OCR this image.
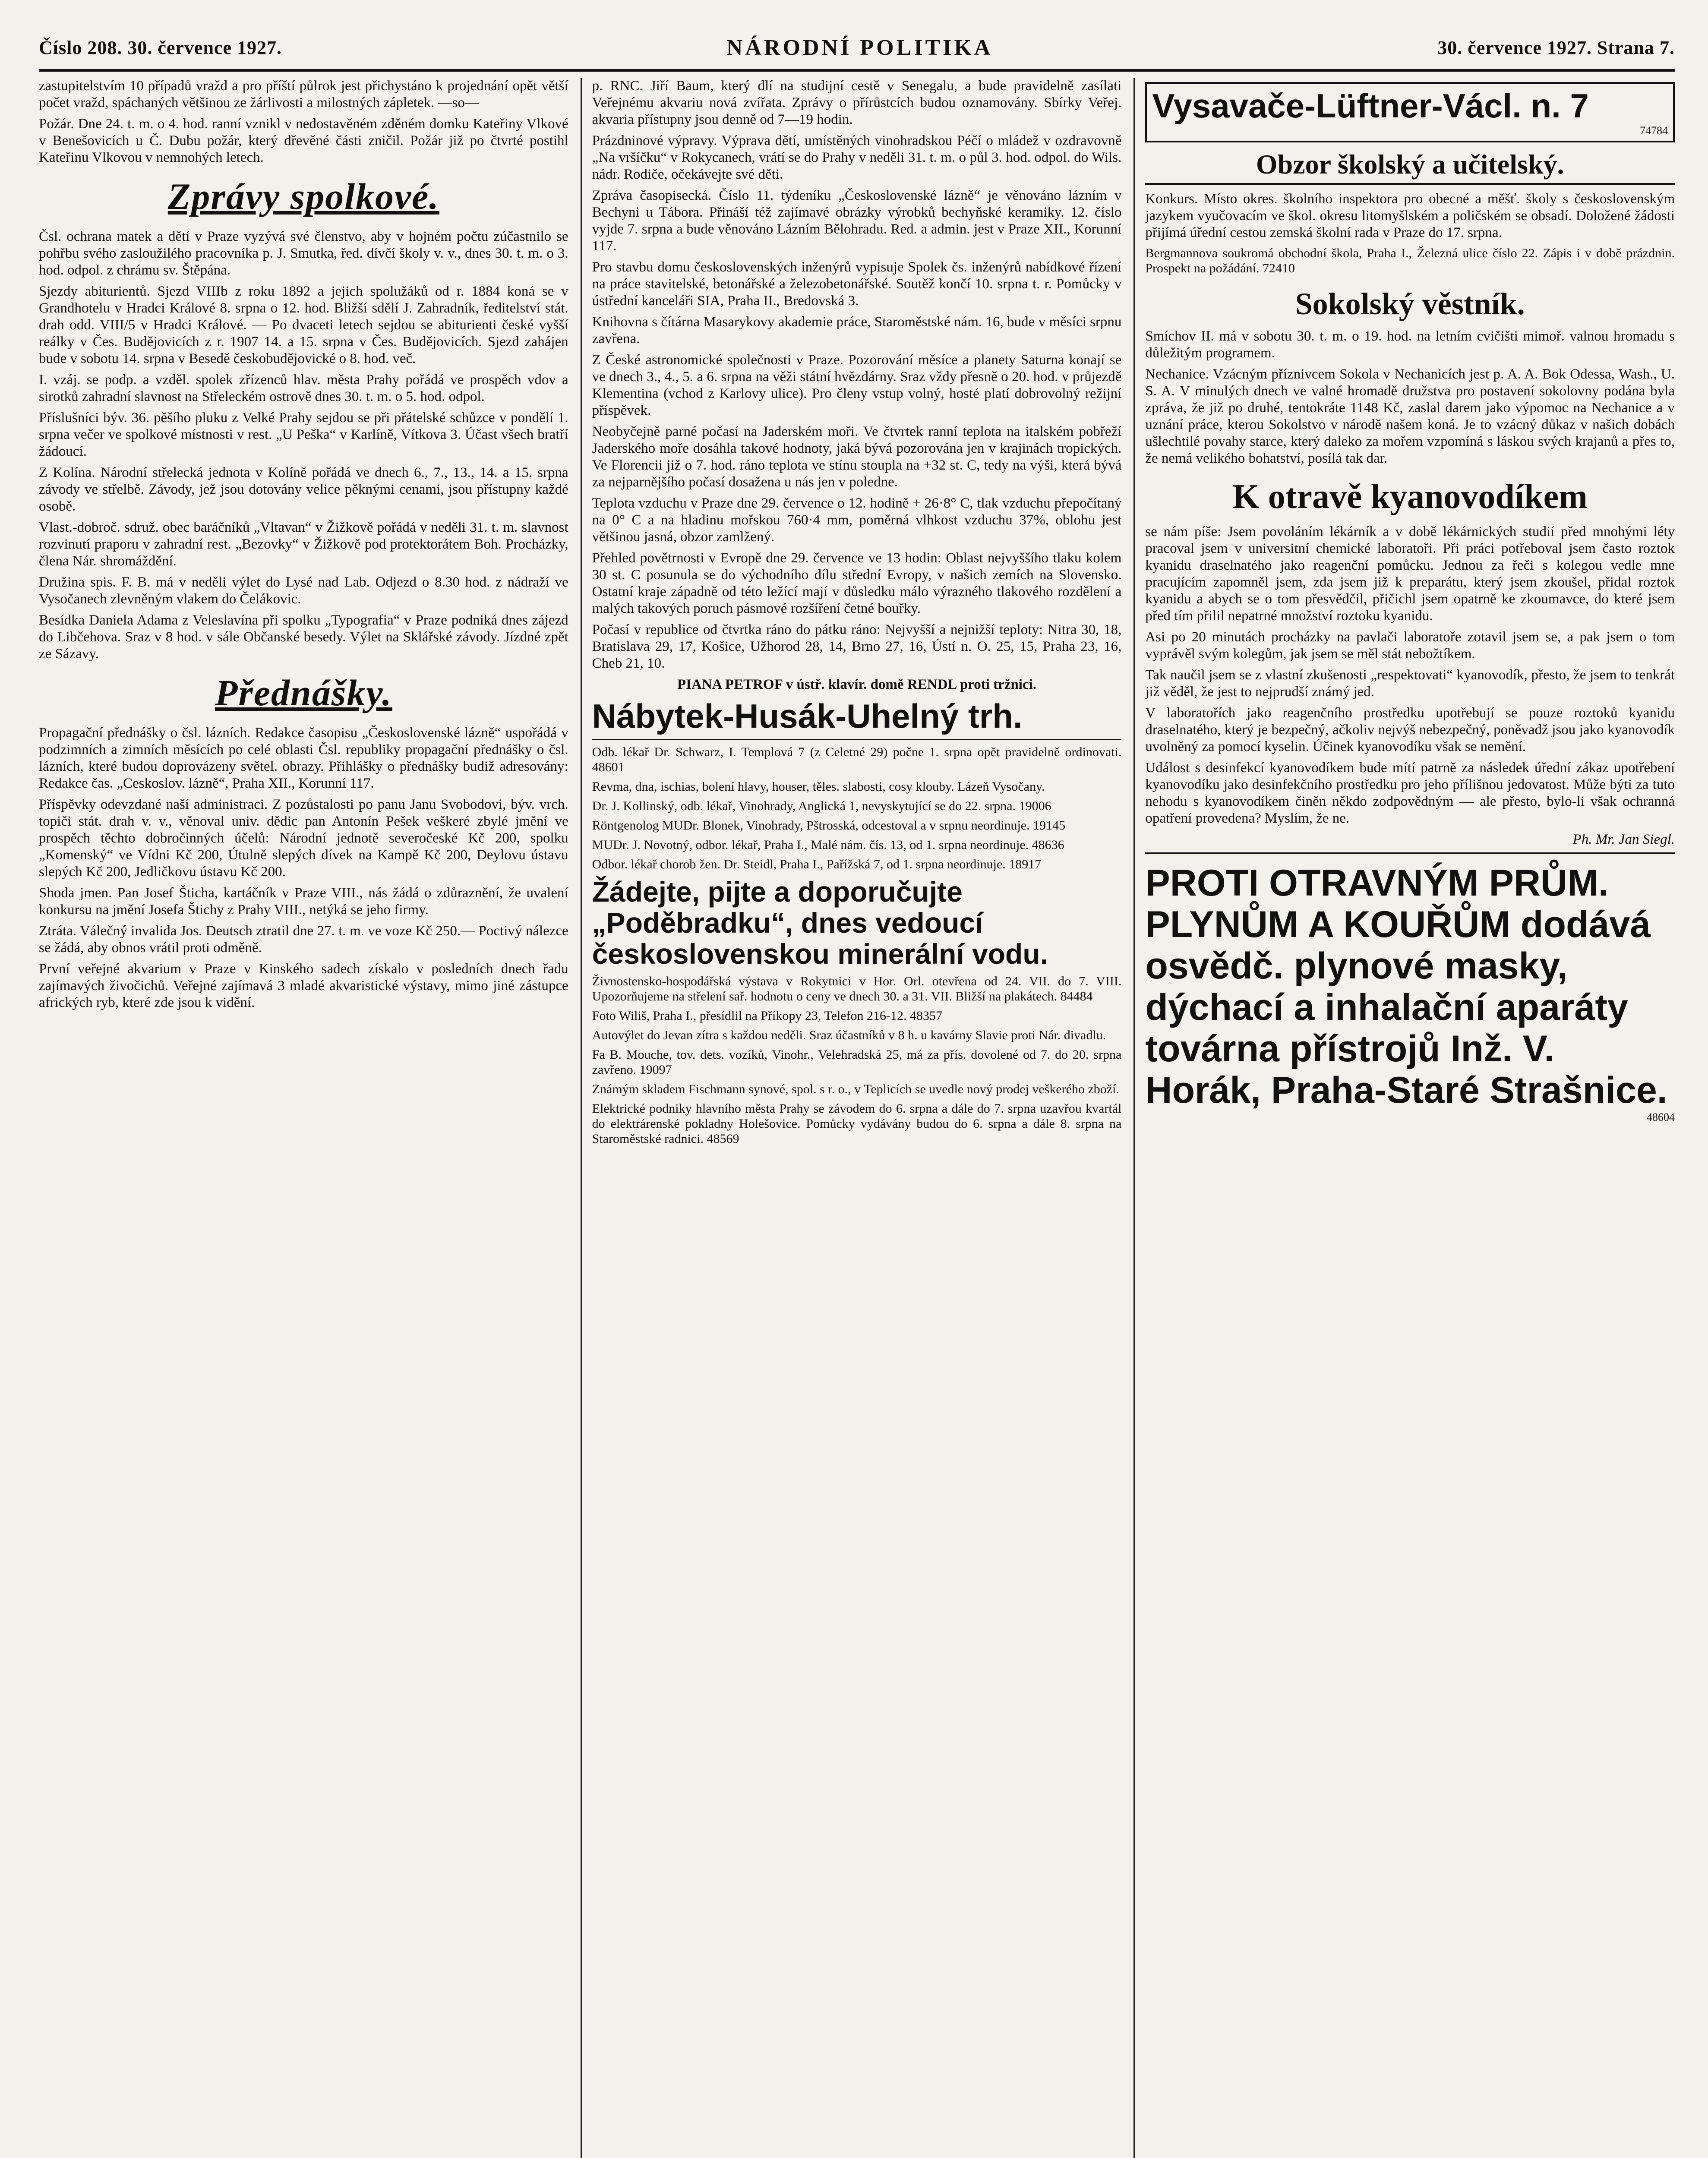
Číslo 208. 30. července 1927.	NÁRODNÍ POLITIKA	30. července 1927. Strana 7.

zastupitelstvím 10 případů vražd a pro příští půlrok jest přichystáno k projednání opět větší počet vražd, spáchaných většinou ze žárlivosti a milostných zápletek. —so—

Požár. Dne 24. t. m. o 4. hod. ranní vznikl v nedostavěném zděném domku Kateřiny Vlkové v Benešovicích u Č. Dubu požár, který dřevěné části zničil. Požár již po čtvrté postihl Kateřinu Vlkovou v nemnohých letech.

Zprávy spolkové.

Čsl. ochrana matek a dětí v Praze vyzývá své členstvo, aby v hojném počtu zúčastnilo se pohřbu svého zasloužilého pracovníka p. J. Smutka, řed. dívčí školy v. v., dnes 30. t. m. o 3. hod. odpol. z chrámu sv. Štěpána.

Sjezdy abiturientů. Sjezd VIIIb z roku 1892 a jejich spolužáků od r. 1884 koná se v Grandhotelu v Hradci Králové 8. srpna o 12. hod. Bližší sdělí J. Zahradník, ředitelství stát. drah odd. VIII/5 v Hradci Králové. — Po dvaceti letech sejdou se abiturienti české vyšší reálky v Čes. Budějovicích z r. 1907 14. a 15. srpna v Čes. Budějovicích. Sjezd zahájen bude v sobotu 14. srpna v Besedě českobudějovické o 8. hod. več.

I. vzáj. se podp. a vzděl. spolek zřízenců hlav. města Prahy pořádá ve prospěch vdov a sirotků zahradní slavnost na Střeleckém ostrově dnes 30. t. m. o 5. hod. odpol.

Příslušníci býv. 36. pěšího pluku z Velké Prahy sejdou se při přátelské schůzce v pondělí 1. srpna večer ve spolkové místnosti v rest. „U Peška“ v Karlíně, Vítkova 3. Účast všech bratří žádoucí.

Z Kolína. Národní střelecká jednota v Kolíně pořádá ve dnech 6., 7., 13., 14. a 15. srpna závody ve střelbě. Závody, jež jsou dotovány velice pěknými cenami, jsou přístupny každé osobě.

Vlast.-dobroč. sdruž. obec baráčníků „Vltavan“ v Žižkově pořádá v neděli 31. t. m. slavnost rozvinutí praporu v zahradní rest. „Bezovky“ v Žižkově pod protektorátem Boh. Procházky, člena Nár. shromáždění.

Družina spis. F. B. má v neděli výlet do Lysé nad Lab. Odjezd o 8.30 hod. z nádraží ve Vysočanech zlevněným vlakem do Čelákovic.

Besídka Daniela Adama z Veleslavína při spolku „Typografia“ v Praze podniká dnes zájezd do Libčehova. Sraz v 8 hod. v sále Občanské besedy. Výlet na Sklářské závody. Jízdné zpět ze Sázavy.

Přednášky.

Propagační přednášky o čsl. lázních. Redakce časopisu „Československé lázně“ uspořádá v podzimních a zimních měsících po celé oblasti Čsl. republiky propagační přednášky o čsl. lázních, které budou doprovázeny světel. obrazy. Přihlášky o přednášky budiž adresovány: Redakce čas. „Ceskoslov. lázně“, Praha XII., Korunní 117.

Příspěvky odevzdané naší administraci. Z pozůstalosti po panu Janu Svobodovi, býv. vrch. topiči stát. drah v. v., věnoval univ. dědic pan Antonín Pešek veškeré zbylé jmění ve prospěch těchto dobročinných účelů: Národní jednotě severočeské Kč 200, spolku „Komenský“ ve Vídni Kč 200, Útulně slepých dívek na Kampě Kč 200, Deylovu ústavu slepých Kč 200, Jedličkovu ústavu Kč 200.

Shoda jmen. Pan Josef Šticha, kartáčník v Praze VIII., nás žádá o zdůraznění, že uvalení konkursu na jmění Josefa Štichy z Prahy VIII., netýká se jeho firmy.

Ztráta. Válečný invalida Jos. Deutsch ztratil dne 27. t. m. ve voze Kč 250.— Poctivý nálezce se žádá, aby obnos vrátil proti odměně.

První veřejné akvarium v Praze v Kinského sadech získalo v posledních dnech řadu zajímavých živočichů. Veřejné zajímavá 3 mladé akvaristické výstavy, mimo jiné zástupce afrických ryb, které zde jsou k vidění.

p. RNC. Jiří Baum, který dlí na studijní cestě v Senegalu, a bude pravidelně zasílati Veřejnému akvariu nová zvířata. Zprávy o přírůstcích budou oznamovány. Sbírky Veřej. akvaria přístupny jsou denně od 7—19 hodin.

Prázdninové výpravy. Výprava dětí, umístěných vinohradskou Péčí o mládež v ozdravovně „Na vršíčku“ v Rokycanech, vrátí se do Prahy v neděli 31. t. m. o půl 3. hod. odpol. do Wils. nádr. Rodiče, očekávejte své děti.

Zpráva časopisecká. Číslo 11. týdeníku „Československé lázně“ je věnováno lázním v Bechyni u Tábora. Přináší též zajímavé obrázky výrobků bechyňské keramiky. 12. číslo vyjde 7. srpna a bude věnováno Lázním Bělohradu. Red. a admin. jest v Praze XII., Korunní 117.

Pro stavbu domu československých inženýrů vypisuje Spolek čs. inženýrů nabídkové řízení na práce stavitelské, betonářské a železobetonářské. Soutěž končí 10. srpna t. r. Pomůcky v ústřední kanceláři SIA, Praha II., Bredovská 3.

Knihovna s čítárna Masarykovy akademie práce, Staroměstské nám. 16, bude v měsíci srpnu zavřena.

Z České astronomické společnosti v Praze. Pozorování měsíce a planety Saturna konají se ve dnech 3., 4., 5. a 6. srpna na věži státní hvězdárny. Sraz vždy přesně o 20. hod. v průjezdě Klementina (vchod z Karlovy ulice). Pro členy vstup volný, hosté platí dobrovolný režijní příspěvek.

Neobyčejně parné počasí na Jaderském moři. Ve čtvrtek ranní teplota na italském pobřeží Jaderského moře dosáhla takové hodnoty, jaká bývá pozorována jen v krajinách tropických. Ve Florencii již o 7. hod. ráno teplota ve stínu stoupla na +32 st. C, tedy na výši, která bývá za nejparnějšího počasí dosažena u nás jen v poledne.

Teplota vzduchu v Praze dne 29. července o 12. hodině + 26·8° C, tlak vzduchu přepočítaný na 0° C a na hladinu mořskou 760·4 mm, poměrná vlhkost vzduchu 37%, oblohu jest většinou jasná, obzor zamlžený.

Přehled povětrnosti v Evropě dne 29. července ve 13 hodin: Oblast nejvyššího tlaku kolem 30 st. C posunula se do východního dílu střední Evropy, v našich zemích na Slovensko. Ostatní kraje západně od této ležící mají v důsledku málo výrazného tlakového rozdělení a malých takových poruch pásmové rozšíření četné bouřky.

Počasí v republice od čtvrtka ráno do pátku ráno: Nejvyšší a nejnižší teploty: Nitra 30, 18, Bratislava 29, 17, Košice, Užhorod 28, 14, Brno 27, 16, Ústí n. O. 25, 15, Praha 23, 16, Cheb 21, 10.

PIANA PETROF v ústř. klavír. domě RENDL proti tržnici.

Nábytek-Husák-Uhelný trh.

Odb. lékař Dr. Schwarz, I. Templová 7 (z Celetné 29) počne 1. srpna opět pravidelně ordinovati. 48601

Revma, dna, ischias, bolení hlavy, houser, těles. slabosti, cosy klouby. Lázeň Vysočany.

Dr. J. Kollinský, odb. lékař, Vinohrady, Anglická 1, nevyskytující se do 22. srpna. 19006

Röntgenolog MUDr. Blonek, Vinohrady, Pštrosská, odcestoval a v srpnu neordinuje. 19145

MUDr. J. Novotný, odbor. lékař, Praha I., Malé nám. čís. 13, od 1. srpna neordinuje. 48636

Odbor. lékař chorob žen. Dr. Steidl, Praha I., Pařížská 7, od 1. srpna neordinuje. 18917

Žádejte, pijte a doporučujte „Poděbradku“, dnes vedoucí československou minerální vodu.

Živnostensko-hospodářská výstava v Rokytnici v Hor. Orl. otevřena od 24. VII. do 7. VIII. Upozorňujeme na střelení sař. hodnotu o ceny ve dnech 30. a 31. VII. Bližší na plakátech. 84484

Foto Wiliš, Praha I., přesídlil na Příkopy 23, Telefon 216-12. 48357

Autovýlet do Jevan zítra s každou neděli. Sraz účastníků v 8 h. u kavárny Slavie proti Nár. divadlu.

Fa B. Mouche, tov. dets. vozíků, Vinohr., Velehradská 25, má za přís. dovolené od 7. do 20. srpna zavřeno. 19097

Známým skladem Fischmann synové, spol. s r. o., v Teplicích se uvedle nový prodej veškerého zboží.

Elektrické podniky hlavního města Prahy se závodem do 6. srpna a dále do 7. srpna uzavřou kvartál do elektrárenské pokladny Holešovice. Pomůcky vydávány budou do 6. srpna a dále 8. srpna na Staroměstské radnici. 48569

Vysavače-Lüftner-Václ. n. 7
74784
Obzor školský a učitelský.

Konkurs. Místo okres. školního inspektora pro obecné a měšť. školy s československým jazykem vyučovacím ve škol. okresu litomyšlském a poličském se obsadí. Doložené žádosti přijímá úřední cestou zemská školní rada v Praze do 17. srpna.

Bergmannova soukromá obchodní škola, Praha I., Železná ulice číslo 22. Zápis i v době prázdnin. Prospekt na požádání. 72410

Sokolský věstník.

Smíchov II. má v sobotu 30. t. m. o 19. hod. na letním cvičišti mimoř. valnou hromadu s důležitým programem.

Nechanice. Vzácným příznivcem Sokola v Nechanicích jest p. A. A. Bok Odessa, Wash., U. S. A. V minulých dnech ve valné hromadě družstva pro postavení sokolovny podána byla zpráva, že již po druhé, tentokráte 1148 Kč, zaslal darem jako výpomoc na Nechanice a v uznání práce, kterou Sokolstvo v národě našem koná. Je to vzácný důkaz v našich dobách ušlechtilé povahy starce, který daleko za mořem vzpomíná s láskou svých krajanů a přes to, že nemá velikého bohatství, posílá tak dar.

K otravě kyanovodíkem

se nám píše: Jsem povoláním lékárník a v době lékárnických studií před mnohými léty pracoval jsem v universitní chemické laboratoři. Při práci potřeboval jsem často roztok kyanidu draselnatého jako reagenční pomůcku. Jednou za řeči s kolegou vedle mne pracujícím zapomněl jsem, zda jsem již k preparátu, který jsem zkoušel, přidal roztok kyanidu a abych se o tom přesvědčil, přičichl jsem opatrně ke zkoumavce, do které jsem před tím přilil nepatrné množství roztoku kyanidu.

Asi po 20 minutách procházky na pavlači laboratoře zotavil jsem se, a pak jsem o tom vyprávěl svým kolegům, jak jsem se měl stát nebožtíkem.

Tak naučil jsem se z vlastní zkušenosti „respektovati“ kyanovodík, přesto, že jsem to tenkrát již věděl, že jest to nejprudší známý jed.

V laboratořích jako reagenčního prostředku upotřebují se pouze roztoků kyanidu draselnatého, který je bezpečný, ačkoliv nejvýš nebezpečný, poněvadž jsou jako kyanovodík uvolněný za pomocí kyselin. Účinek kyanovodíku však se nemění.

Událost s desinfekcí kyanovodíkem bude mítí patrně za následek úřední zákaz upotřebení kyanovodíku jako desinfekčního prostředku pro jeho přílišnou jedovatost. Může býti za tuto nehodu s kyanovodíkem činěn někdo zodpovědným — ale přesto, bylo-li však ochranná opatření provedena? Myslím, že ne.

Ph. Mr. Jan Siegl.

PROTI OTRAVNÝM PRŮM. PLYNŮM A KOUŘŮM dodává osvědč. plynové masky, dýchací a inhalační aparáty továrna přístrojů Inž. V. Horák, Praha-Staré Strašnice.
48604
